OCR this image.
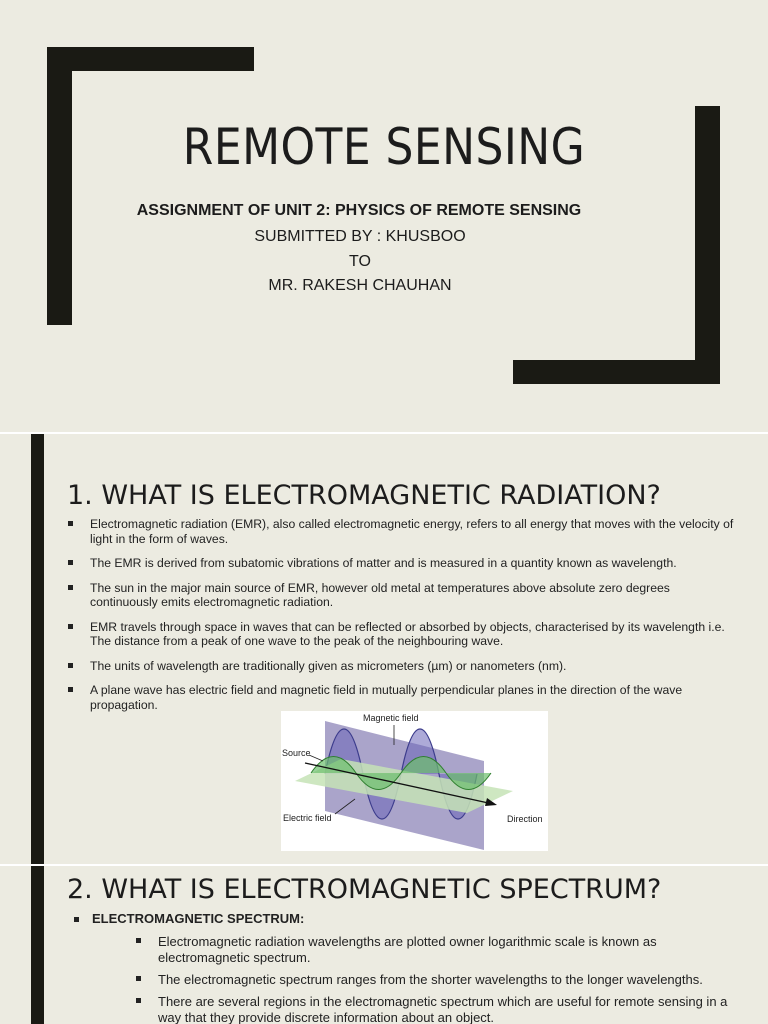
REMOTE SENSING
ASSIGNMENT OF UNIT 2: PHYSICS OF REMOTE SENSING
SUBMITTED BY : KHUSBOO
TO
MR. RAKESH CHAUHAN
1. WHAT IS ELECTROMAGNETIC RADIATION?
Electromagnetic radiation (EMR), also called electromagnetic energy, refers to all energy that moves with the velocity of light in the form of waves.
The EMR is derived from subatomic vibrations of matter and is measured in a quantity known as wavelength.
The sun in the major main source of EMR, however old metal at temperatures above absolute zero degrees continuously emits electromagnetic radiation.
EMR travels through space in waves that can be reflected or absorbed by objects, characterised by its wavelength i.e. The distance from a peak of one wave to the peak of the neighbouring wave.
The units of wavelength are traditionally given as micrometers (µm) or nanometers (nm).
A plane wave has electric field and magnetic field in mutually perpendicular planes in the direction of the wave propagation.
Magnetic field
Source
Electric field	Direction
2. WHAT IS ELECTROMAGNETIC SPECTRUM?
ELECTROMAGNETIC SPECTRUM:
Electromagnetic radiation wavelengths are plotted owner logarithmic scale is known as electromagnetic spectrum.
The electromagnetic spectrum ranges from the shorter wavelengths to the longer wavelengths.
There are several regions in the electromagnetic spectrum which are useful for remote sensing in a way that they provide discrete information about an object.
